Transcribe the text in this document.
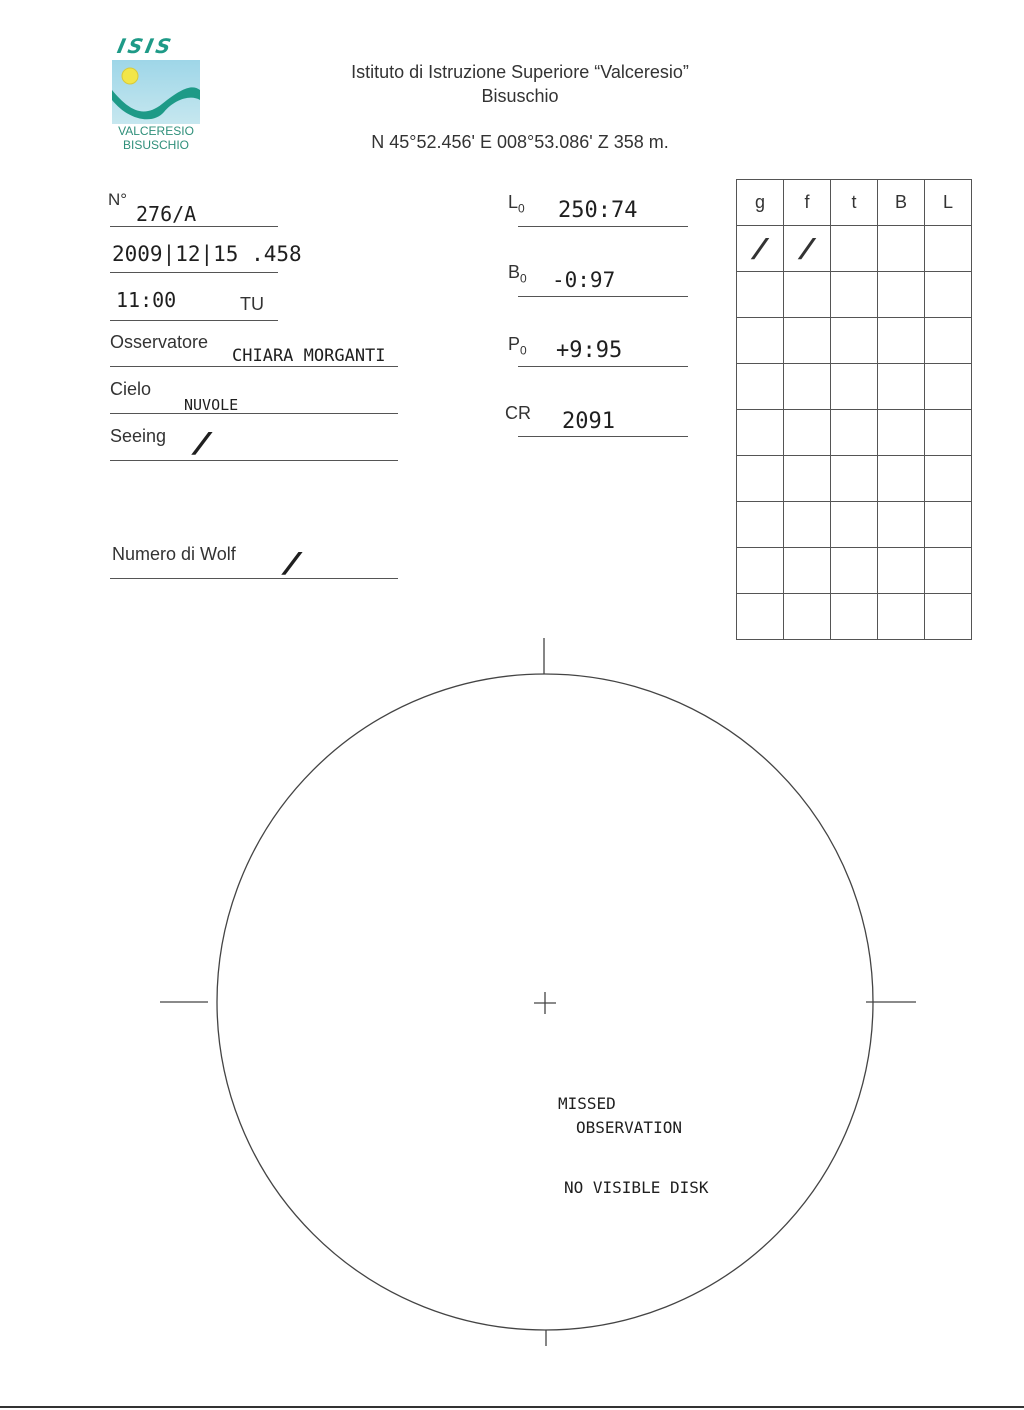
ISIS
VALCERESIO
BISUSCHIO
Istituto di Istruzione Superiore “Valceresio”
Bisuschio
N 45°52.456' E 008°53.086' Z 358 m.
N°
276/A
2009|12|15 .458
11:00	TU
Osservatore
CHIARA MORGANTI
Cielo
NUVOLE
Seeing /
Numero di Wolf /
$L_0$ 250:74
$B_0$ -0:97
$P_0$ +9:95
CR 2091
g	f	t	B	L
/	/			

MISSED
OBSERVATION
NO VISIBLE DISK
